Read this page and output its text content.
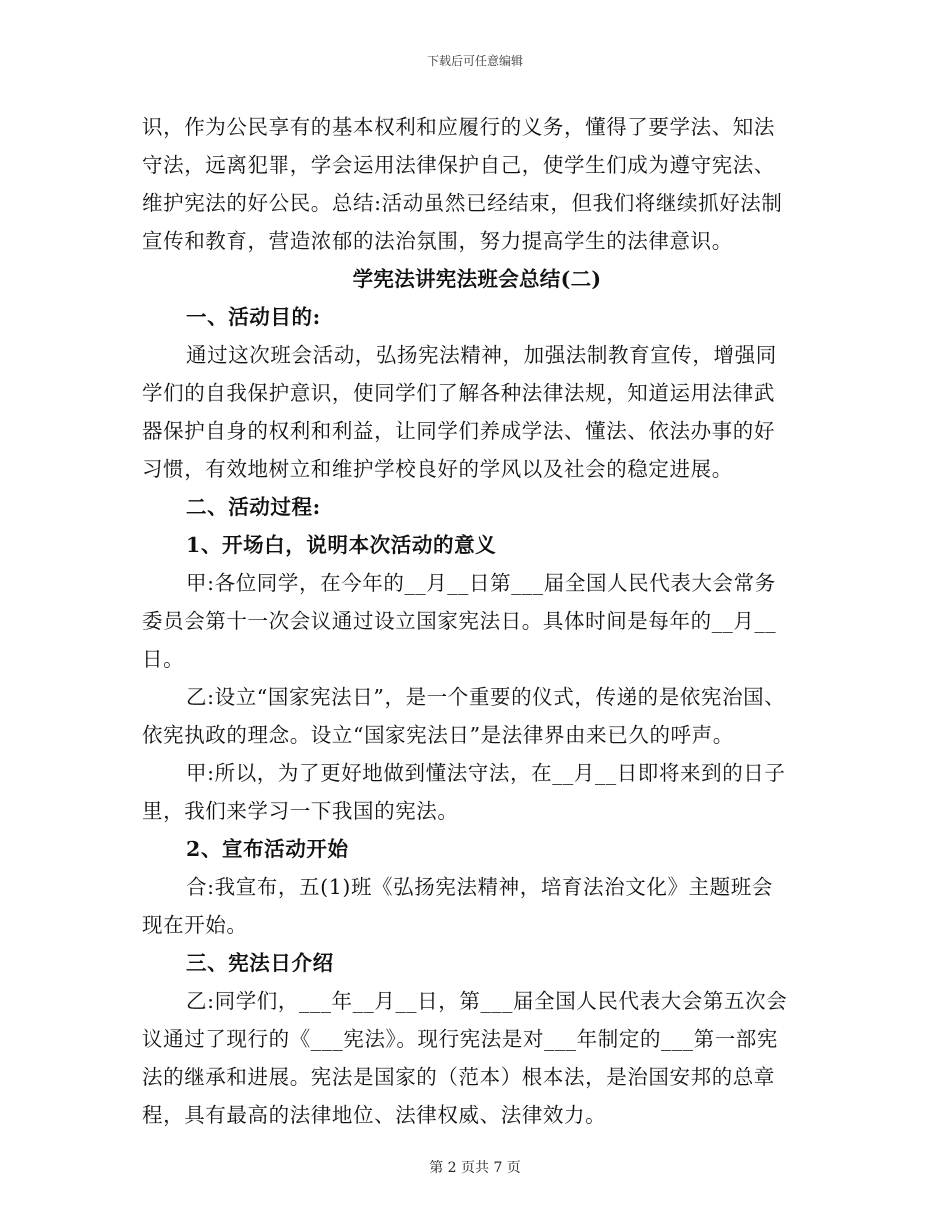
下载后可任意编辑
识，作为公民享有的基本权利和应履行的义务，懂得了要学法、知法
守法，远离犯罪，学会运用法律保护自己，使学生们成为遵守宪法、
维护宪法的好公民。总结:活动虽然已经结束，但我们将继续抓好法制
宣传和教育，营造浓郁的法治氛围，努力提高学生的法律意识。
学宪法讲宪法班会总结(二)
一、活动目的:
通过这次班会活动，弘扬宪法精神，加强法制教育宣传，增强同
学们的自我保护意识，使同学们了解各种法律法规，知道运用法律武
器保护自身的权利和利益，让同学们养成学法、懂法、依法办事的好
习惯，有效地树立和维护学校良好的学风以及社会的稳定进展。
二、活动过程:
1、开场白，说明本次活动的意义
甲:各位同学，在今年的__月__日第___届全国人民代表大会常务
委员会第十一次会议通过设立国家宪法日。具体时间是每年的__月__
日。
乙:设立“国家宪法日”，是一个重要的仪式，传递的是依宪治国、
依宪执政的理念。设立“国家宪法日”是法律界由来已久的呼声。
甲:所以，为了更好地做到懂法守法，在__月__日即将来到的日子
里，我们来学习一下我国的宪法。
2、宣布活动开始
合:我宣布，五(1)班《弘扬宪法精神，培育法治文化》主题班会
现在开始。
三、宪法日介绍
乙:同学们，___年__月__日，第___届全国人民代表大会第五次会
议通过了现行的《___宪法》。现行宪法是对___年制定的___第一部宪
法的继承和进展。宪法是国家的（范本）根本法，是治国安邦的总章
程，具有最高的法律地位、法律权威、法律效力。
第 2 页共 7 页
